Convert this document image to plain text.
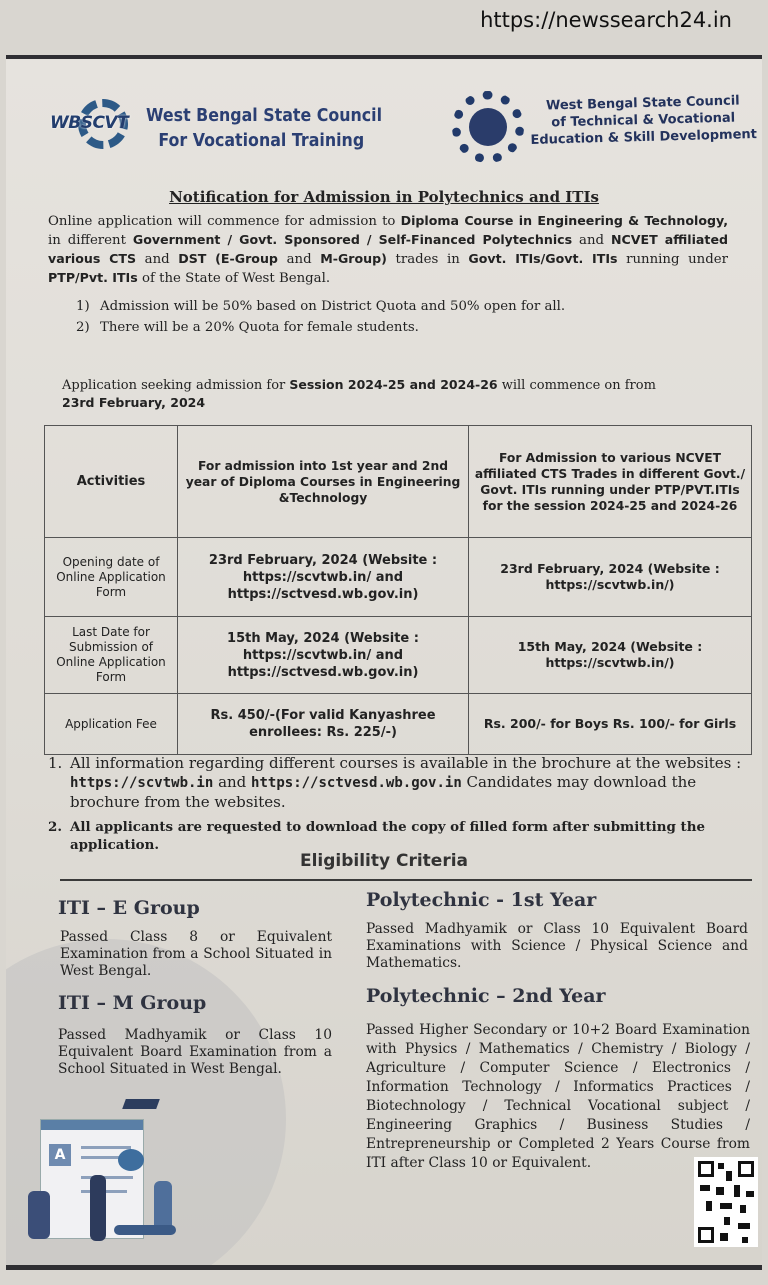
https://newssearch24.in
WBSCVT West Bengal State Council
For Vocational Training
West Bengal State Council
of Technical & Vocational
Education & Skill Development
Notification for Admission in Polytechnics and ITIs
Online application will commence for admission to Diploma Course in Engineering & Technology, in different Government / Govt. Sponsored / Self-Financed Polytechnics and NCVET affiliated various CTS and DST (E-Group and M-Group) trades in Govt. ITIs/Govt. ITIs running under PTP/Pvt. ITIs of the State of West Bengal.
1) Admission will be 50% based on District Quota and 50% open for all.
2) There will be a 20% Quota for female students.
Application seeking admission for Session 2024-25 and 2024-26 will commence on from
23rd February, 2024
Activities	For admission into 1st year and 2nd year of Diploma Courses in Engineering &Technology	For Admission to various NCVET affiliated CTS Trades in different Govt./ Govt. ITIs running under PTP/PVT.ITIs for the session 2024-25 and 2024-26
Opening date of Online Application Form	23rd February, 2024 (Website : https://scvtwb.in/ and https://sctvesd.wb.gov.in)	23rd February, 2024 (Website : https://scvtwb.in/)
Last Date for Submission of Online Application Form	15th May, 2024 (Website : https://scvtwb.in/ and https://sctvesd.wb.gov.in)	15th May, 2024 (Website : https://scvtwb.in/)
Application Fee	Rs. 450/-(For valid Kanyashree enrollees: Rs. 225/-)	Rs. 200/- for Boys Rs. 100/- for Girls
1. All information regarding different courses is available in the brochure at the websites :
https://scvtwb.in and https://sctvesd.wb.gov.in Candidates may download the brochure from the websites.
2. All applicants are requested to download the copy of filled form after submitting the application.
Eligibility Criteria
ITI – E Group
Passed Class 8 or Equivalent Examination from a School Situated in West Bengal.
ITI – M Group
Passed Madhyamik or Class 10 Equivalent Board Examination from a School Situated in West Bengal.
Polytechnic - 1st Year
Passed Madhyamik or Class 10 Equivalent Board Examinations with Science / Physical Science and Mathematics.
Polytechnic – 2nd Year
Passed Higher Secondary or 10+2 Board Examination with Physics / Mathematics / Chemistry / Biology / Agriculture / Computer Science / Electronics / Information Technology / Informatics Practices / Biotechnology / Technical Vocational subject / Engineering Graphics / Business Studies / Entrepreneurship or Completed 2 Years Course from ITI after Class 10 or Equivalent.
A
